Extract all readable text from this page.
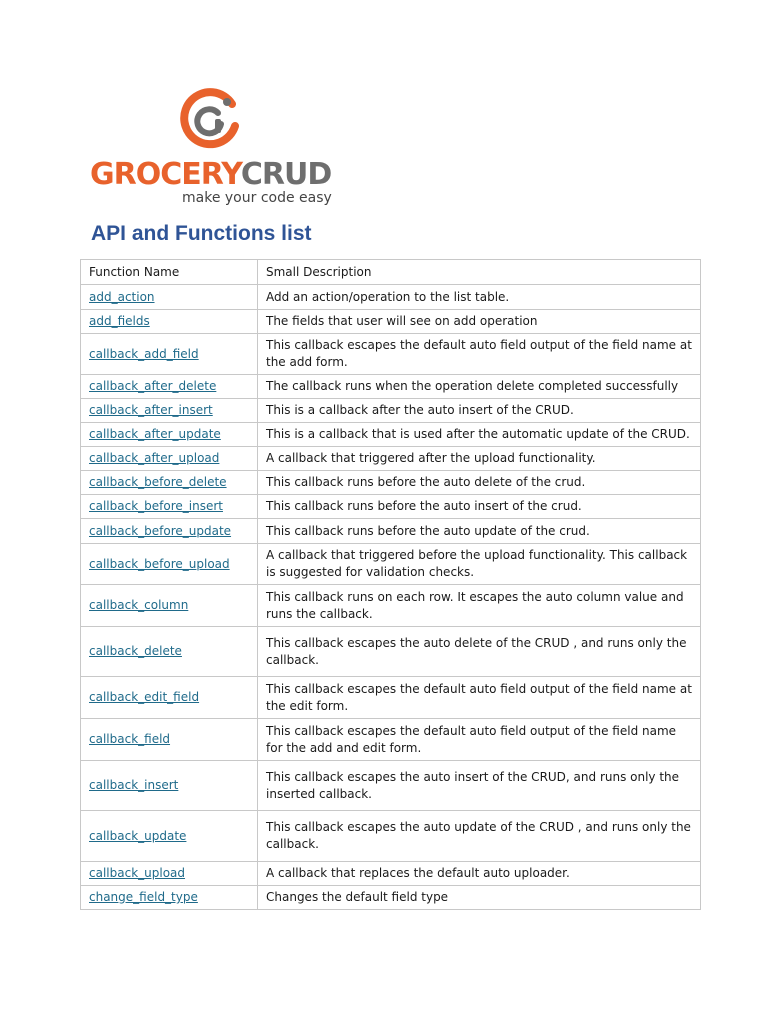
GROCERYCRUD
make your code easy
API and Functions list
Function Name	Small Description
add_action	Add an action/operation to the list table.
add_fields	The fields that user will see on add operation
callback_add_field	This callback escapes the default auto field output of the field name at the add form.
callback_after_delete	The callback runs when the operation delete completed successfully
callback_after_insert	This is a callback after the auto insert of the CRUD.
callback_after_update	This is a callback that is used after the automatic update of the CRUD.
callback_after_upload	A callback that triggered after the upload functionality.
callback_before_delete	This callback runs before the auto delete of the crud.
callback_before_insert	This callback runs before the auto insert of the crud.
callback_before_update	This callback runs before the auto update of the crud.
callback_before_upload	A callback that triggered before the upload functionality. This callback is suggested for validation checks.
callback_column	This callback runs on each row. It escapes the auto column value and runs the callback.
callback_delete	This callback escapes the auto delete of the CRUD , and runs only the callback.
callback_edit_field	This callback escapes the default auto field output of the field name at the edit form.
callback_field	This callback escapes the default auto field output of the field name for the add and edit form.
callback_insert	This callback escapes the auto insert of the CRUD, and runs only the inserted callback.
callback_update	This callback escapes the auto update of the CRUD , and runs only the callback.
callback_upload	A callback that replaces the default auto uploader.
change_field_type	Changes the default field type
